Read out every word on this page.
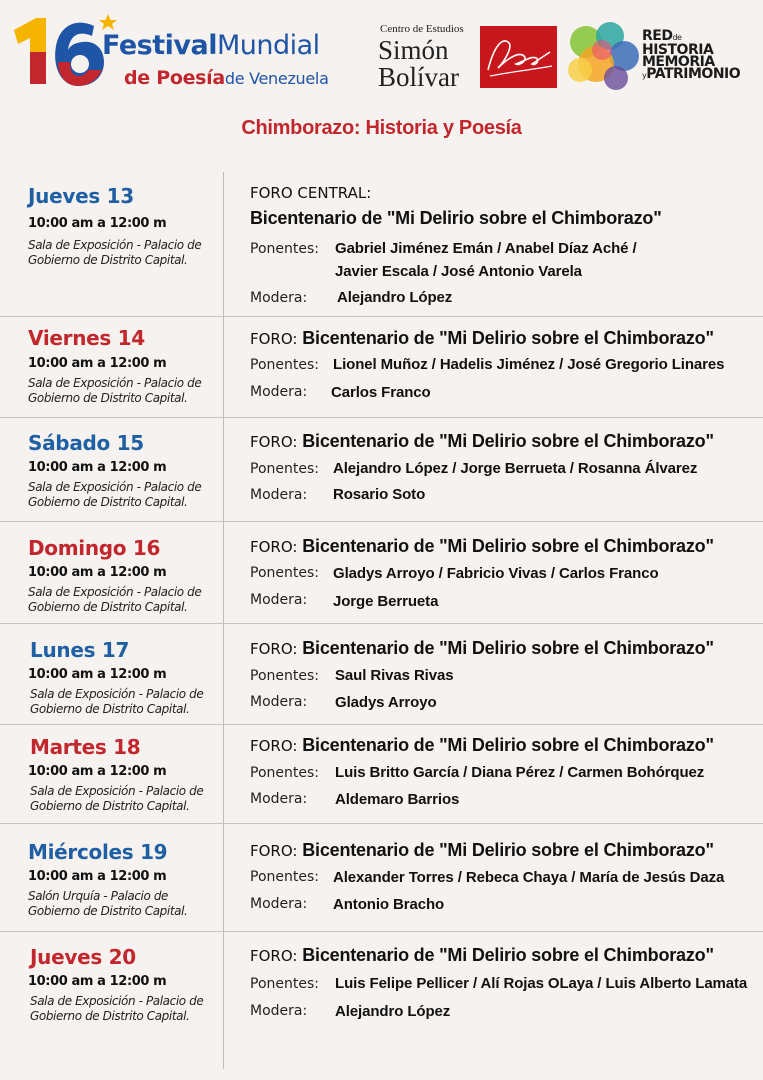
FestivalMundial
de Poesíade Venezuela
Centro de Estudios
Simón
Bolívar
REDde
HISTORIA
MEMORIA
yPATRIMONIO
Chimborazo: Historia y Poesía
Jueves 13
10:00 am a 12:00 m
Sala de Exposición - Palacio de Gobierno de Distrito Capital.
FORO CENTRAL:
Bicentenario de "Mi Delirio sobre el Chimborazo"
Ponentes: Gabriel Jiménez Emán / Anabel Díaz Aché /
Javier Escala / José Antonio Varela
Modera: Alejandro López
Viernes 14
10:00 am a 12:00 m
Sala de Exposición - Palacio de Gobierno de Distrito Capital.
FORO: Bicentenario de "Mi Delirio sobre el Chimborazo"
Ponentes: Lionel Muñoz / Hadelis Jiménez / José Gregorio Linares
Modera: Carlos Franco
Sábado 15
10:00 am a 12:00 m
Sala de Exposición - Palacio de Gobierno de Distrito Capital.
FORO: Bicentenario de "Mi Delirio sobre el Chimborazo"
Ponentes: Alejandro López / Jorge Berrueta / Rosanna Álvarez
Modera: Rosario Soto
Domingo 16
10:00 am a 12:00 m
Sala de Exposición - Palacio de Gobierno de Distrito Capital.
FORO: Bicentenario de "Mi Delirio sobre el Chimborazo"
Ponentes: Gladys Arroyo / Fabricio Vivas / Carlos Franco
Modera: Jorge Berrueta
Lunes 17
10:00 am a 12:00 m
Sala de Exposición - Palacio de Gobierno de Distrito Capital.
FORO: Bicentenario de "Mi Delirio sobre el Chimborazo"
Ponentes: Saul Rivas Rivas
Modera: Gladys Arroyo
Martes 18
10:00 am a 12:00 m
Sala de Exposición - Palacio de Gobierno de Distrito Capital.
FORO: Bicentenario de "Mi Delirio sobre el Chimborazo"
Ponentes: Luis Britto García / Diana Pérez / Carmen Bohórquez
Modera: Aldemaro Barrios
Miércoles 19
10:00 am a 12:00 m
Salón Urquía - Palacio de Gobierno de Distrito Capital.
FORO: Bicentenario de "Mi Delirio sobre el Chimborazo"
Ponentes: Alexander Torres / Rebeca Chaya / María de Jesús Daza
Modera: Antonio Bracho
Jueves 20
10:00 am a 12:00 m
Sala de Exposición - Palacio de Gobierno de Distrito Capital.
FORO: Bicentenario de "Mi Delirio sobre el Chimborazo"
Ponentes: Luis Felipe Pellicer / Alí Rojas OLaya / Luis Alberto Lamata
Modera: Alejandro López
